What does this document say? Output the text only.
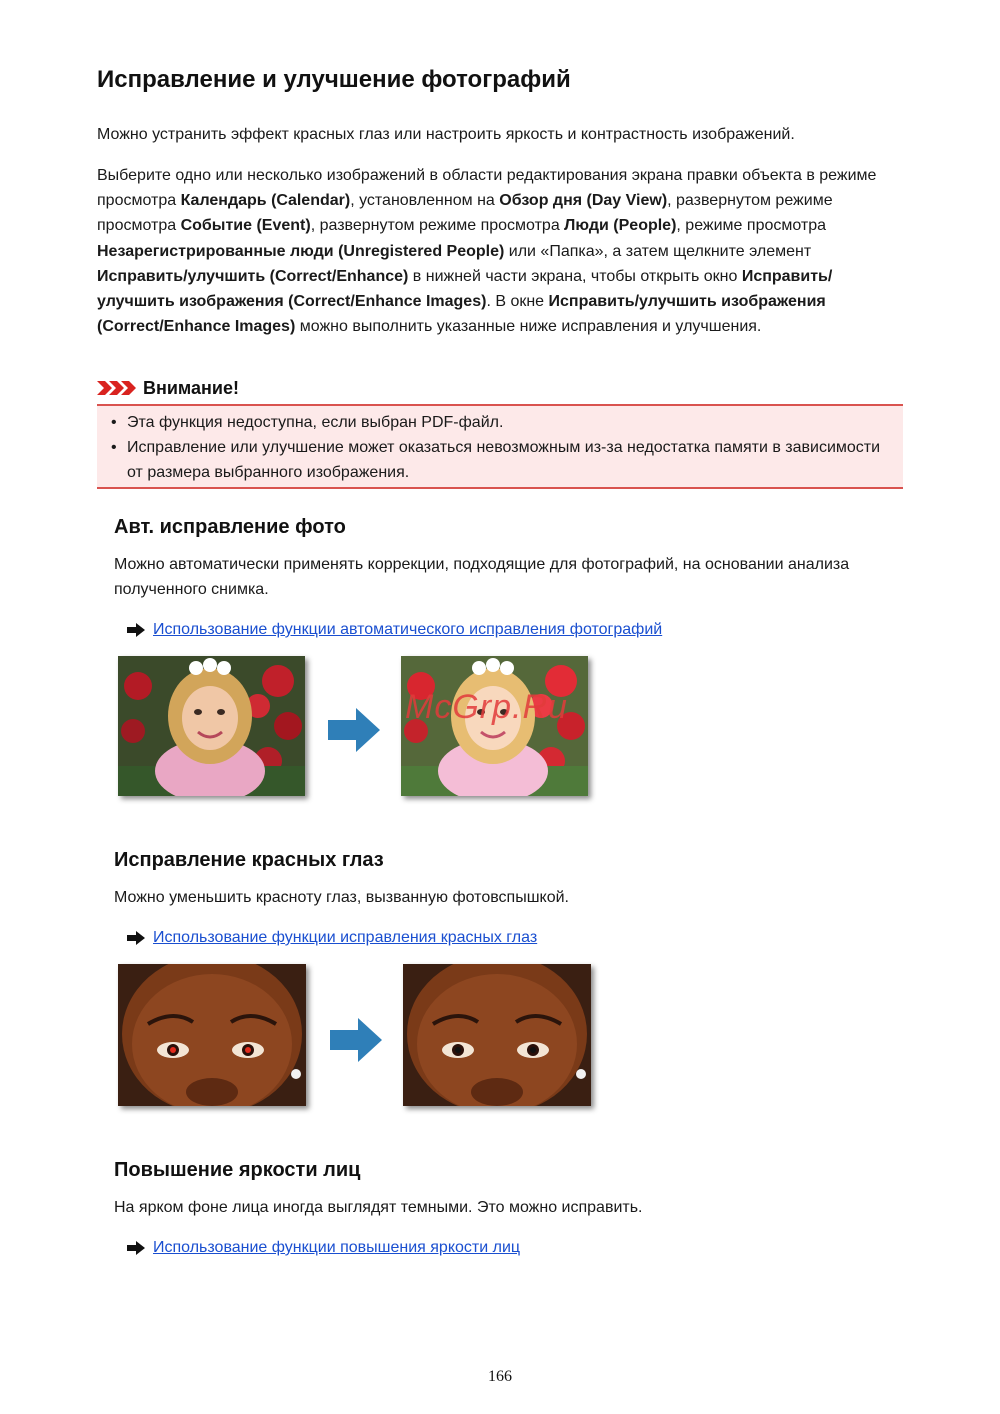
Исправление и улучшение фотографий

Можно устранить эффект красных глаз или настроить яркость и контрастность изображений.

Выберите одно или несколько изображений в области редактирования экрана правки объекта в режиме просмотра Календарь (Calendar), установленном на Обзор дня (Day View), развернутом режиме просмотра Событие (Event), развернутом режиме просмотра Люди (People), режиме просмотра Незарегистрированные люди (Unregistered People) или «Папка», а затем щелкните элемент Исправить/улучшить (Correct/Enhance) в нижней части экрана, чтобы открыть окно Исправить/улучшить изображения (Correct/Enhance Images). В окне Исправить/улучшить изображения (Correct/Enhance Images) можно выполнить указанные ниже исправления и улучшения.

Внимание!
• Эта функция недоступна, если выбран PDF-файл.
• Исправление или улучшение может оказаться невозможным из-за недостатка памяти в зависимости от размера выбранного изображения.
Авт. исправление фото

Можно автоматически применять коррекции, подходящие для фотографий, на основании анализа полученного снимка.

Использование функции автоматического исправления фотографий
McGrp.Ru
Исправление красных глаз

Можно уменьшить красноту глаз, вызванную фотовспышкой.

Использование функции исправления красных глаз
Повышение яркости лиц

На ярком фоне лица иногда выглядят темными. Это можно исправить.

Использование функции повышения яркости лиц
166
